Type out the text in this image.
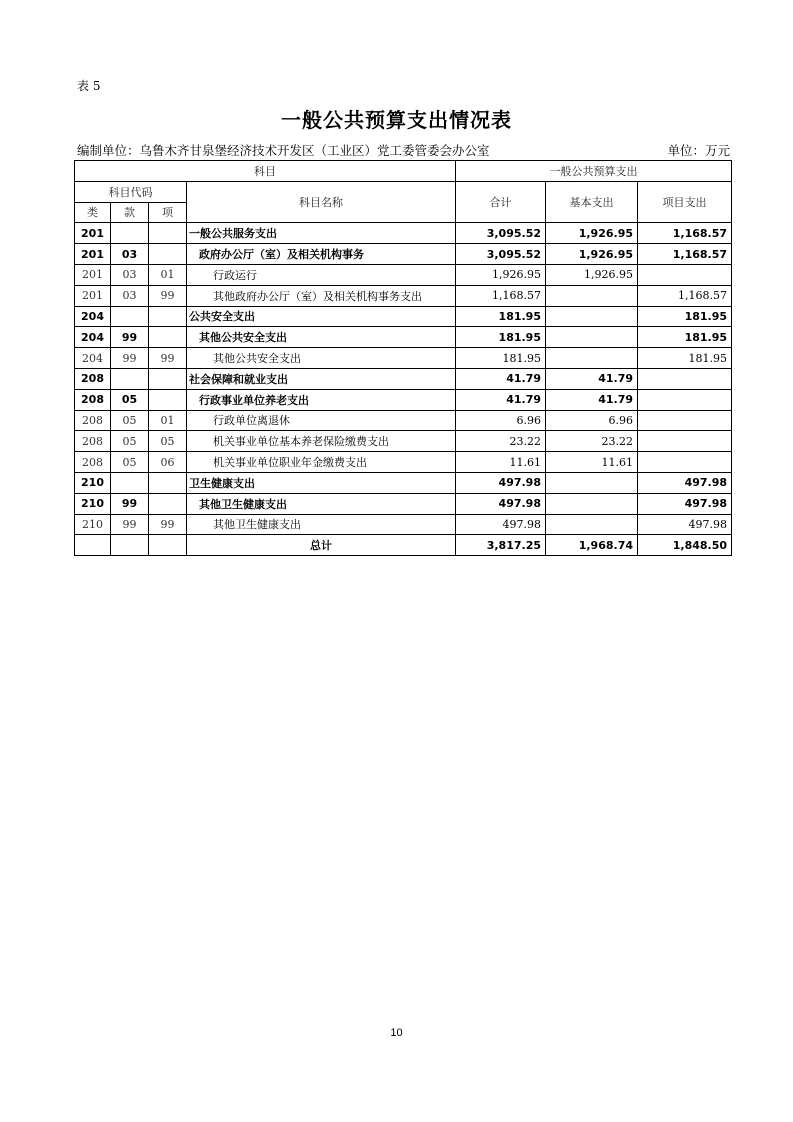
表 5
一般公共预算支出情况表
编制单位：乌鲁木齐甘泉堡经济技术开发区（工业区）党工委管委会办公室	单位：万元
科目				一般公共预算支出		
科目代码			科目名称	合计	基本支出	项目支出
类	款	项				
201			一般公共服务支出	3,095.52	1,926.95	1,168.57
201	03		政府办公厅（室）及相关机构事务	3,095.52	1,926.95	1,168.57
201	03	01	行政运行	1,926.95	1,926.95	
201	03	99	其他政府办公厅（室）及相关机构事务支出	1,168.57		1,168.57
204			公共安全支出	181.95		181.95
204	99		其他公共安全支出	181.95		181.95
204	99	99	其他公共安全支出	181.95		181.95
208			社会保障和就业支出	41.79	41.79	
208	05		行政事业单位养老支出	41.79	41.79	
208	05	01	行政单位离退休	6.96	6.96	
208	05	05	机关事业单位基本养老保险缴费支出	23.22	23.22	
208	05	06	机关事业单位职业年金缴费支出	11.61	11.61	
210			卫生健康支出	497.98		497.98
210	99		其他卫生健康支出	497.98		497.98
210	99	99	其他卫生健康支出	497.98		497.98
			总计	3,817.25	1,968.74	1,848.50
10
